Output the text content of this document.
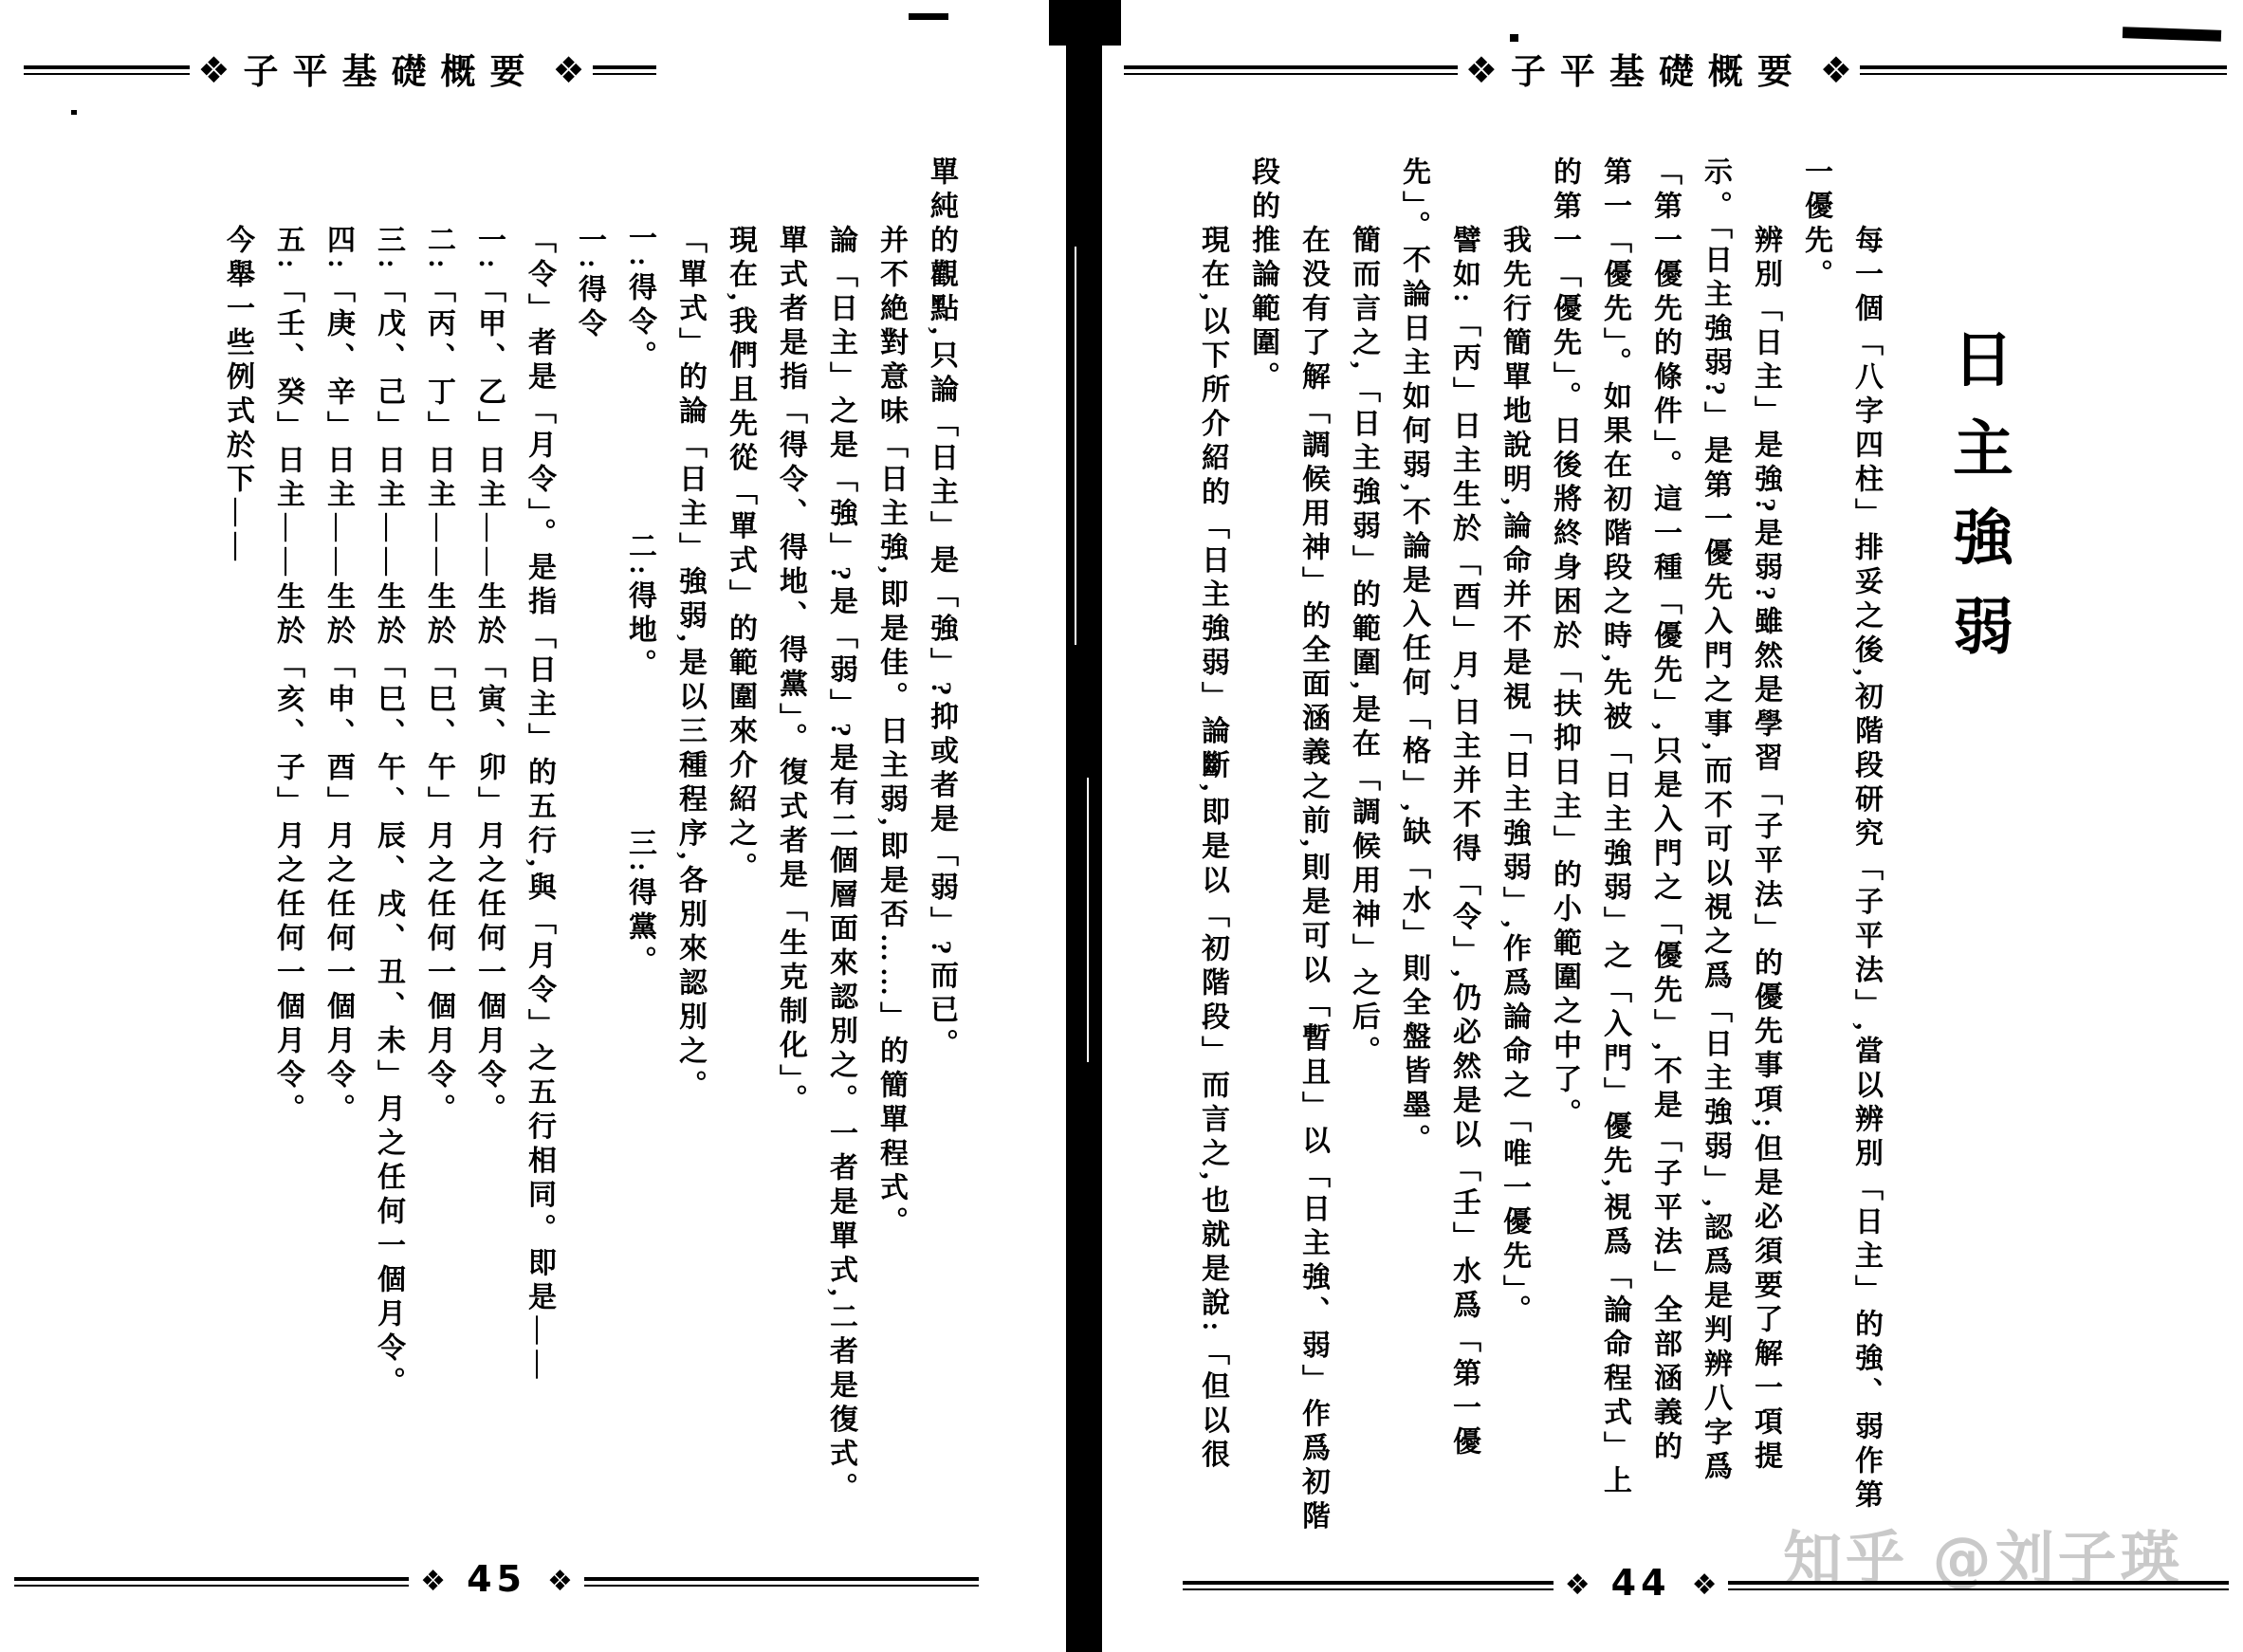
知乎 @刘子瑛
❖ 子平基礎概要 ❖
❖ 子平基礎概要 ❖
日主強弱
❖ 44 ❖
❖ 45 ❖
每一個「八字四柱」排妥之後,初階段研究「子平法」,當以辨別「日主」的強、弱作第
一優先。
辨別「日主」是強?是弱?雖然是學習「子平法」的優先事項;但是必須要了解一項提
示。「日主強弱?」是第一優先入門之事,而不可以視之爲「日主強弱」,認爲是判辨八字爲
「第一優先的條件」。這一種「優先」,只是入門之「優先」,不是「子平法」全部涵義的
第一「優先」。如果在初階段之時,先被「日主強弱」之「入門」優先,視爲「論命程式」上
的第一「優先」。日後將終身困於「扶抑日主」的小範圍之中了。
我先行簡單地說明,論命并不是視「日主強弱」,作爲論命之「唯一優先」。
譬如:「丙」日主生於「酉」月,日主并不得「令」,仍必然是以「壬」水爲「第一優
先」。不論日主如何弱,不論是入任何「格」,缺「水」則全盤皆墨。
簡而言之,「日主強弱」的範圍,是在「調候用神」之后。
在没有了解「調候用神」的全面涵義之前,則是可以「暫且」以「日主強、弱」作爲初階
段的推論範圍。
現在,以下所介紹的「日主強弱」論斷,即是以「初階段」而言之,也就是說:「但以很
單純的觀點,只論「日主」是「強」?抑或者是「弱」?而已。
并不絶對意味「日主強,即是佳。日主弱,即是否……」的簡單程式。
論「日主」之是「強」?是「弱」?是有二個層面來認別之。一者是單式,二者是復式。
單式者是指「得令、得地、得黨」。復式者是「生克制化」。
現在,我們且先從「單式」的範圍來介紹之。
「單式」的論「日主」強弱,是以三種程序,各別來認別之。
一:得令。
二:得地。
三:得黨。
一:得令
「令」者是「月令」。是指「日主」的五行,與「月令」之五行相同。即是——
一:「甲、乙」日主——生於「寅、卯」月之任何一個月令。
二:「丙、丁」日主——生於「巳、午」月之任何一個月令。
三:「戊、己」日主——生於「巳、午、辰、戌、丑、未」月之任何一個月令。
四:「庚、辛」日主——生於「申、酉」月之任何一個月令。
五:「壬、癸」日主——生於「亥、子」月之任何一個月令。
今舉一些例式於下——
